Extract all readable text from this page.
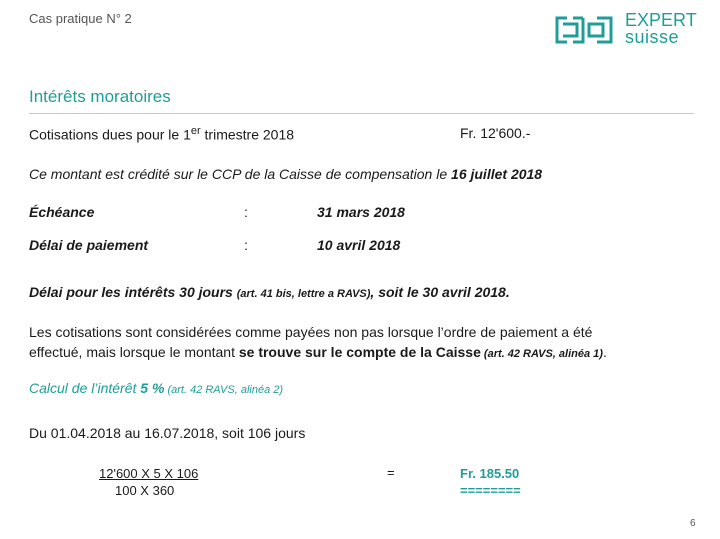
Cas pratique N° 2	EXPERT
suisse
Intérêts moratoires
Cotisations dues pour le 1er trimestre 2018	Fr. 12'600.-
Ce montant est crédité sur le CCP de la Caisse de compensation le 16 juillet 2018
Échéance	:	31 mars 2018
Délai de paiement	:	10 avril 2018
Délai pour les intérêts 30 jours (art. 41 bis, lettre a RAVS), soit le 30 avril 2018.
Les cotisations sont considérées comme payées non pas lorsque l’ordre de paiement a été
effectué, mais lorsque le montant se trouve sur le compte de la Caisse (art. 42 RAVS, alinéa 1).
Calcul de l’intérêt 5 % (art. 42 RAVS, alinéa 2)
Du 01.04.2018 au 16.07.2018, soit 106 jours
$\frac{12'600 X 5 X 106}{100 X 360}$	=	Fr. 185.50
========
6
